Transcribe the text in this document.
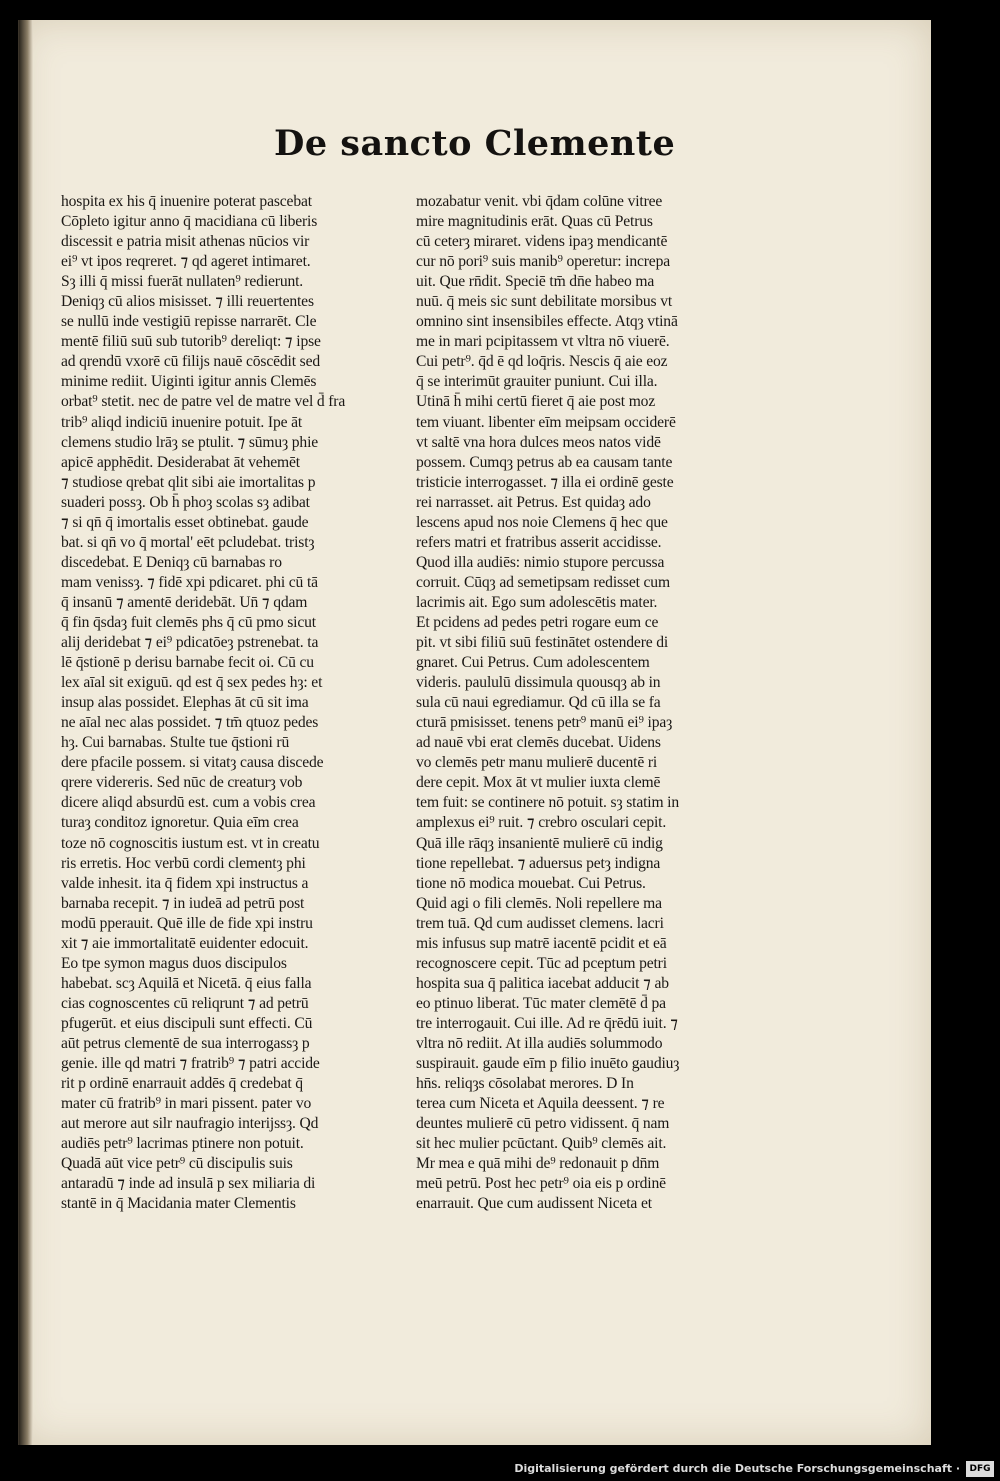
De sancto Clemente
hospita ex his q̄ inuenire poterat pascebat
Cōpleto igitur anno q̄ macidiana cū liberis
discessit e patria misit athenas nūcios vir
ei⁹ vt ipos reqreret. ⁊ qd ageret intimaret.
Sȝ illi q̄ missi fuerāt nullaten⁹ redierunt.
Deniqȝ cū alios misisset. ⁊ illi reuertentes
se nullū inde vestigiū repisse narrarēt. Cle
mentē filiū suū sub tutorib⁹ dereliqt: ⁊ ipse
ad qrendū vxorē cū filijs nauē cōscēdit sed
minime rediit. Uiginti igitur annis Clemēs
orbat⁹ stetit. nec de patre vel de matre vel d̄ fra
trib⁹ aliqd indiciū inuenire potuit. Ipe āt
clemens studio lrāȝ se ptulit. ⁊ sūmuȝ phie
apicē apphēdit. Desiderabat āt vehemēt
⁊ studiose qrebat qlit sibi aie imortalitas p
suaderi possȝ. Ob h̄ phoȝ scolas sȝ adibat
⁊ si qn̄ q̄ imortalis esset obtinebat. gaude
bat. si qn̄ vo q̄ mortal' eēt pcludebat. tristȝ
discedebat. E Deniqȝ cū barnabas ro
mam venissȝ. ⁊ fidē xpi pdicaret. phi cū tā
q̄ insanū ⁊ amentē deridebāt. Un̄ ⁊ qdam
q̄ fin q̄sdaȝ fuit clemēs phs q̄ cū pmo sicut
alij deridebat ⁊ ei⁹ pdicatōeȝ pstrenebat. ta
lē q̄stionē p derisu barnabe fecit oi. Cū cu
lex aīal sit exiguū. qd est q̄ sex pedes hȝ: et
insup alas possidet. Elephas āt cū sit ima
ne aīal nec alas possidet. ⁊ tm̄ qtuoz pedes
hȝ. Cui barnabas. Stulte tue q̄stioni rū
dere pfacile possem. si vitatȝ causa discede
qrere videreris. Sed nūc de creaturȝ vob
dicere aliqd absurdū est. cum a vobis crea
turaȝ conditoz ignoretur. Quia eīm crea
toze nō cognoscitis iustum est. vt in creatu
ris erretis. Hoc verbū cordi clementȝ phi
valde inhesit. ita q̄ fidem xpi instructus a
barnaba recepit. ⁊ in iudeā ad petrū post
modū pperauit. Quē ille de fide xpi instru
xit ⁊ aie immortalitatē euidenter edocuit.
Eo tpe symon magus duos discipulos
habebat. scȝ Aquilā et Nicetā. q̄ eius falla
cias cognoscentes cū reliqrunt ⁊ ad petrū
pfugerūt. et eius discipuli sunt effecti. Cū
aūt petrus clementē de sua interrogassȝ p
genie. ille qd matri ⁊ fratrib⁹ ⁊ patri accide
rit p ordinē enarrauit addēs q̄ credebat q̄
mater cū fratrib⁹ in mari pissent. pater vo
aut merore aut silr naufragio interijssȝ. Qd
audiēs petr⁹ lacrimas ptinere non potuit.
Quadā aūt vice petr⁹ cū discipulis suis
antaradū ⁊ inde ad insulā p sex miliaria di
stantē in q̄ Macidania mater Clementis
mozabatur venit. vbi q̄dam colūne vitree
mire magnitudinis erāt. Quas cū Petrus
cū ceterȝ miraret. videns ipaȝ mendicantē
cur nō pori⁹ suis manib⁹ operetur: increpa
uit. Que rn̄dit. Speciē tm̄ dn̄e habeo ma
nuū. q̄ meis sic sunt debilitate morsibus vt
omnino sint insensibiles effecte. Atqȝ vtinā
me in mari pcipitassem vt vltra nō viuerē.
Cui petr⁹. q̄d ē qd loq̄ris. Nescis q̄ aie eoz
q̄ se interimūt grauiter puniunt. Cui illa.
Utinā h̄ mihi certū fieret q̄ aie post moz
tem viuant. libenter eīm meipsam occiderē
vt saltē vna hora dulces meos natos vidē
possem. Cumqȝ petrus ab ea causam tante
tristicie interrogasset. ⁊ illa ei ordinē geste
rei narrasset. ait Petrus. Est quidaȝ ado
lescens apud nos noie Clemens q̄ hec que
refers matri et fratribus asserit accidisse.
Quod illa audiēs: nimio stupore percussa
corruit. Cūqȝ ad semetipsam redisset cum
lacrimis ait. Ego sum adolescētis mater.
Et pcidens ad pedes petri rogare eum ce
pit. vt sibi filiū suū festinātet ostendere di
gnaret. Cui Petrus. Cum adolescentem
videris. paululū dissimula quousqȝ ab in
sula cū naui egrediamur. Qd cū illa se fa
cturā pmisisset. tenens petr⁹ manū ei⁹ ipaȝ
ad nauē vbi erat clemēs ducebat. Uidens
vo clemēs petr manu mulierē ducentē ri
dere cepit. Mox āt vt mulier iuxta clemē
tem fuit: se continere nō potuit. sȝ statim in
amplexus ei⁹ ruit. ⁊ crebro osculari cepit.
Quā ille rāqȝ insanientē mulierē cū indig
tione repellebat. ⁊ aduersus petȝ indigna
tione nō modica mouebat. Cui Petrus.
Quid agi o fili clemēs. Noli repellere ma
trem tuā. Qd cum audisset clemens. lacri
mis infusus sup matrē iacentē pcidit et eā
recognoscere cepit. Tūc ad pceptum petri
hospita sua q̄ palitica iacebat adducit ⁊ ab
eo ptinuo liberat. Tūc mater clemētē d̄ pa
tre interrogauit. Cui ille. Ad re q̄rēdū iuit. ⁊
vltra nō rediit. At illa audiēs solummodo
suspirauit. gaude eīm p filio inuēto gaudiuȝ
hn̄s. reliqȝs cōsolabat merores. D In
terea cum Niceta et Aquila deessent. ⁊ re
deuntes mulierē cū petro vidissent. q̄ nam
sit hec mulier pcūctant. Quib⁹ clemēs ait.
Mr mea e quā mihi de⁹ redonauit p dn̄m
meū petrū. Post hec petr⁹ oia eis p ordinē
enarrauit. Que cum audissent Niceta et
Digitalisierung gefördert durch die Deutsche Forschungsgemeinschaft ·	DFG
